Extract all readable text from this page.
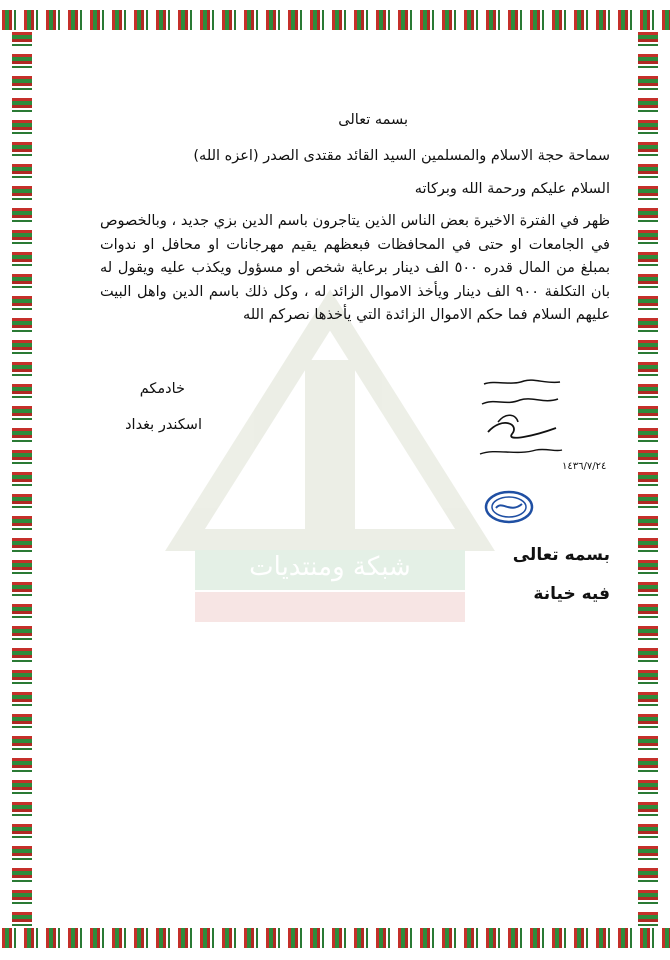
شبكة ومنتديات
بسمه تعالى
سماحة حجة الاسلام والمسلمين السيد القائد مقتدى الصدر (اعزه الله)
السلام عليكم ورحمة الله وبركاته
ظهر في الفترة الاخيرة بعض الناس الذين يتاجرون باسم الدين بزي جديد ، وبالخصوص في الجامعات او حتى في المحافظات فبعظهم يقيم مهرجانات او محافل او ندوات بمبلغ من المال قدره ٥٠٠ الف دينار برعاية شخص او مسؤول ويكذب عليه ويقول له بان التكلفة ٩٠٠ الف دينار ويأخذ الاموال الزائد له ، وكل ذلك باسم الدين واهل البيت عليهم السلام فما حكم الاموال الزائدة التي يأخذها نصركم الله
خادمكم
اسكندر بغداد
١٤٣٦/٧/٢٤
بسمه تعالى
فيه خيانة
